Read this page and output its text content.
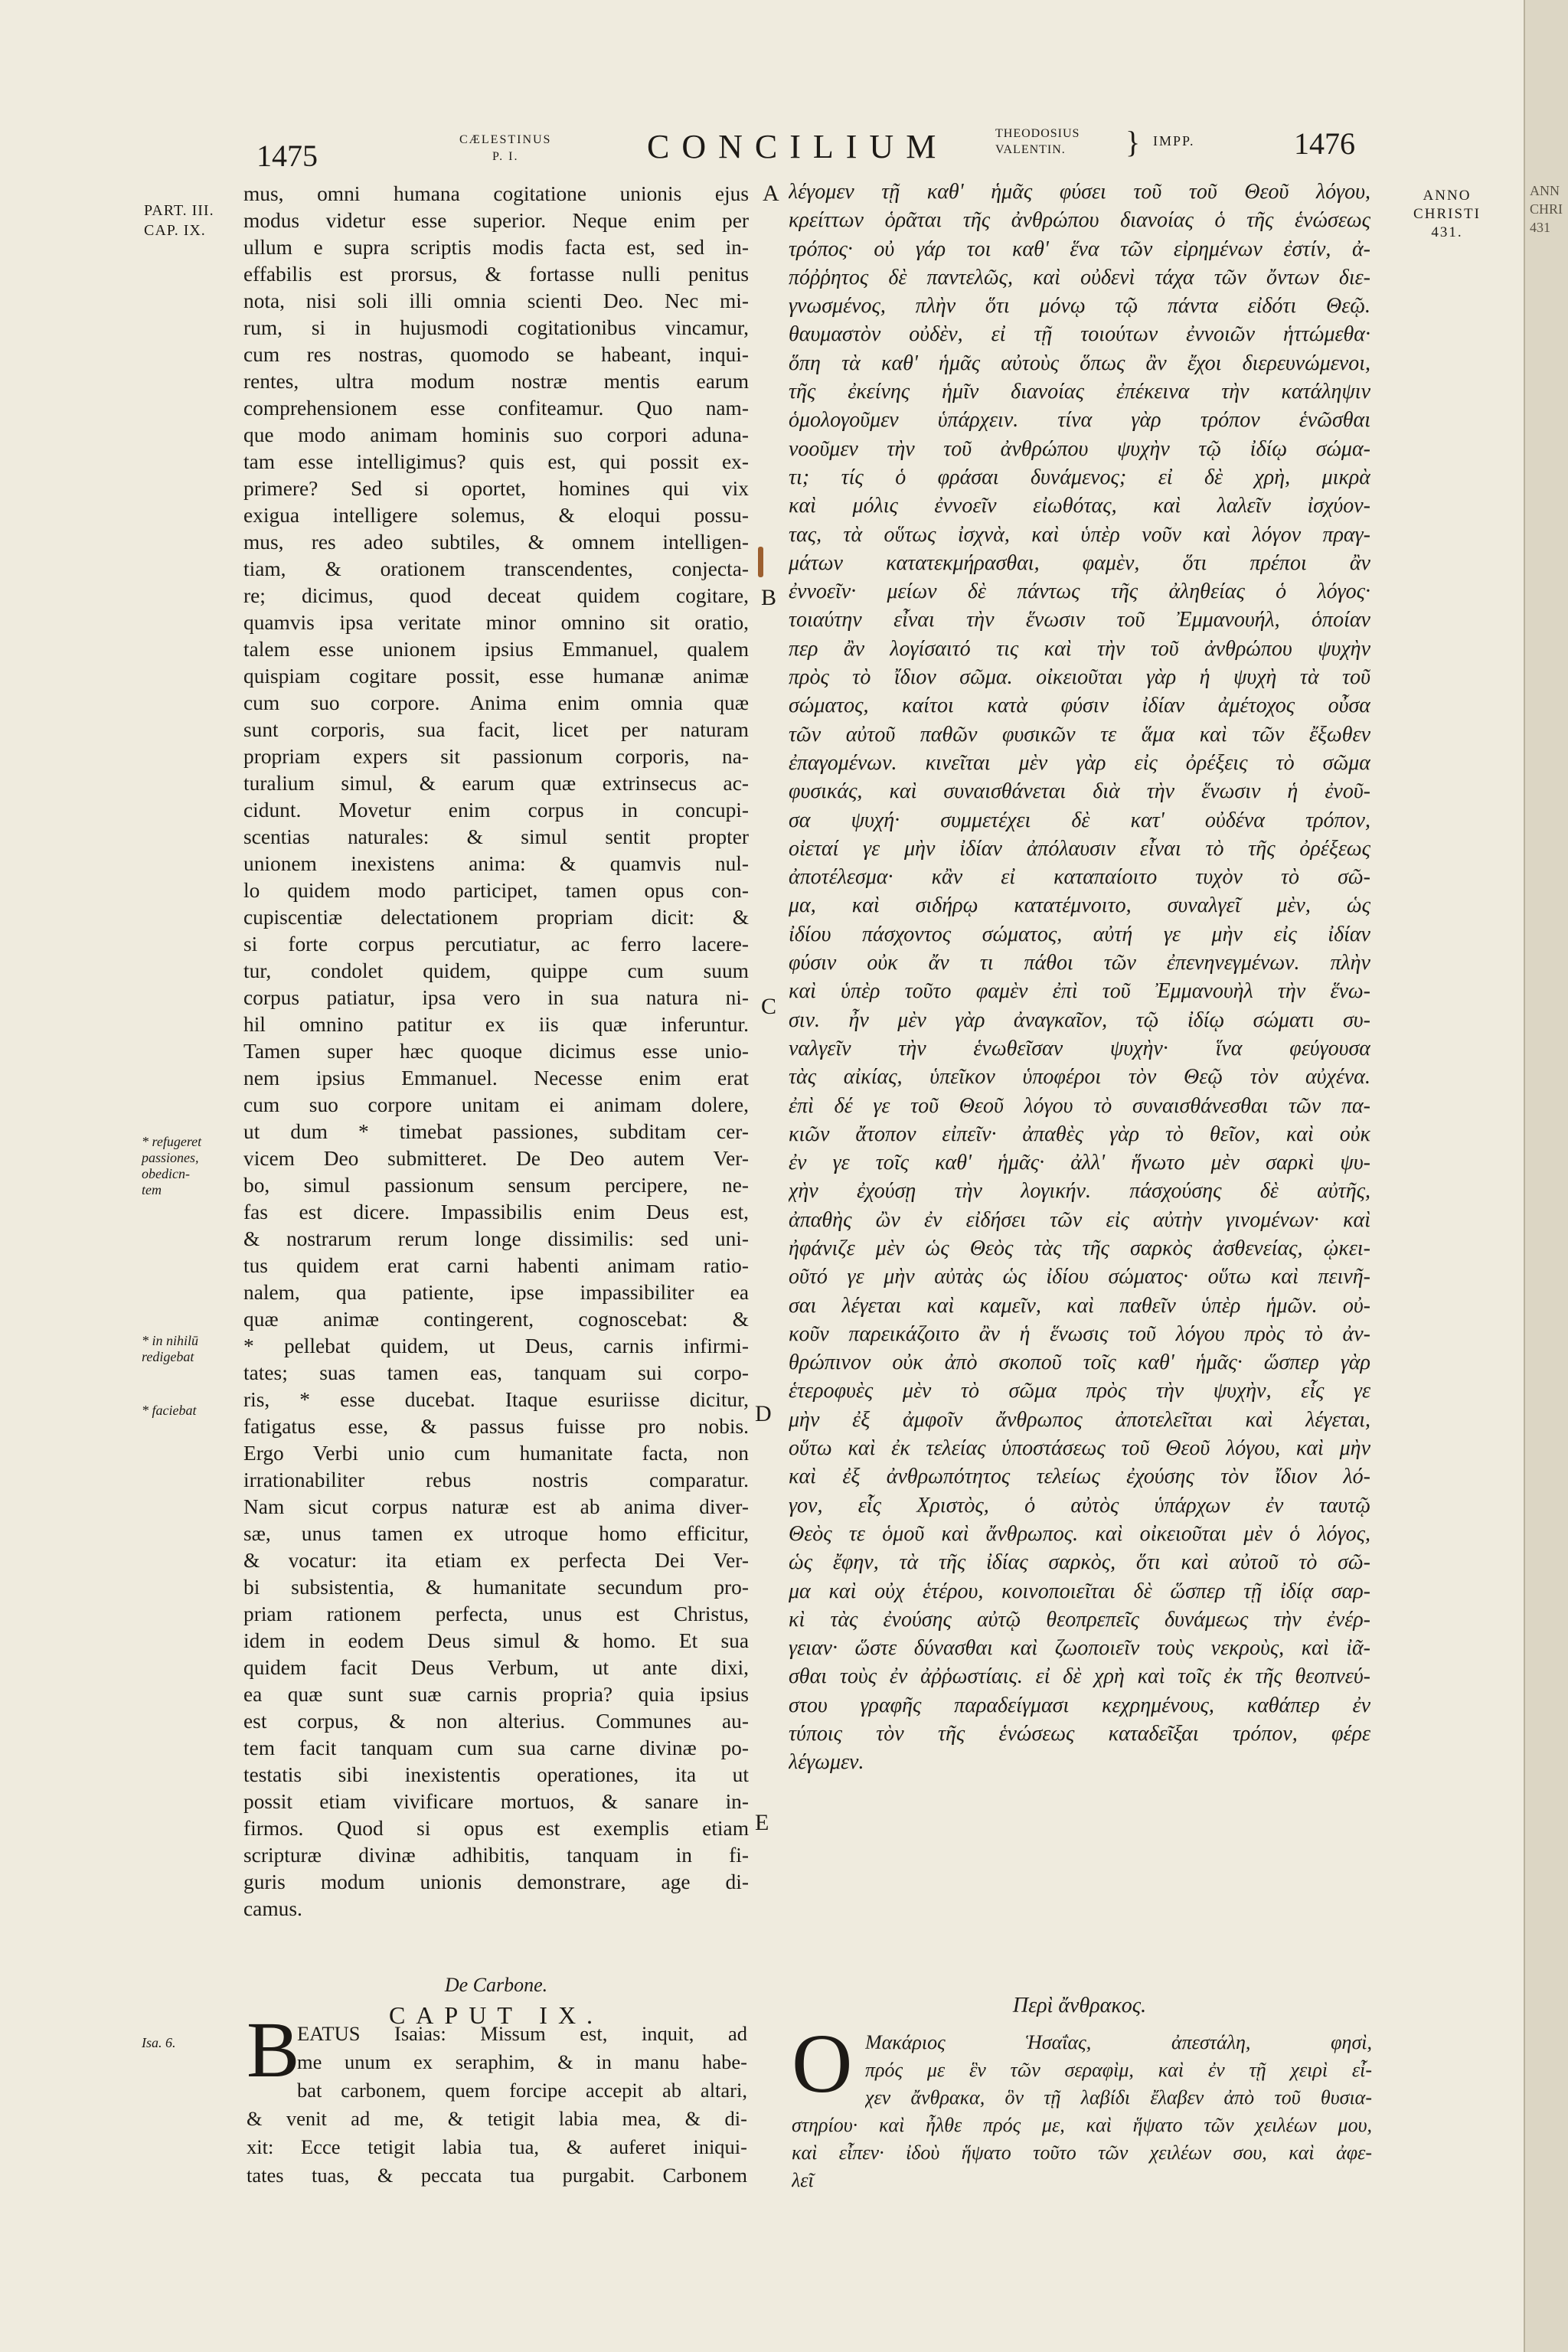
1475	CÆLESTINUS
P. I.	CONCILIUM	THEODOSIUS
VALENTIN.	} IMPP.	1476
PART. III.
CAP. IX.
* refugeret
passiones,
obedicn-
tem
* in nihilū
redigebat
* faciebat
Isa. 6.
ANNO
CHRISTI
431.
A
B
C
D
E
mus, omni humana cogitatione unionis ejus
modus videtur esse superior. Neque enim per
ullum e supra scriptis modis facta est, sed in-
effabilis est prorsus, & fortasse nulli penitus
nota, nisi soli illi omnia scienti Deo. Nec mi-
rum, si in hujusmodi cogitationibus vincamur,
cum res nostras, quomodo se habeant, inqui-
rentes, ultra modum nostræ mentis earum
comprehensionem esse confiteamur. Quo nam-
que modo animam hominis suo corpori aduna-
tam esse intelligimus? quis est, qui possit ex-
primere? Sed si oportet, homines qui vix
exigua intelligere solemus, & eloqui possu-
mus, res adeo subtiles, & omnem intelligen-
tiam, & orationem transcendentes, conjecta-
re; dicimus, quod deceat quidem cogitare,
quamvis ipsa veritate minor omnino sit oratio,
talem esse unionem ipsius Emmanuel, qualem
quispiam cogitare possit, esse humanæ animæ
cum suo corpore. Anima enim omnia quæ
sunt corporis, sua facit, licet per naturam
propriam expers sit passionum corporis, na-
turalium simul, & earum quæ extrinsecus ac-
cidunt. Movetur enim corpus in concupi-
scentias naturales: & simul sentit propter
unionem inexistens anima: & quamvis nul-
lo quidem modo participet, tamen opus con-
cupiscentiæ delectationem propriam dicit: &
si forte corpus percutiatur, ac ferro lacere-
tur, condolet quidem, quippe cum suum
corpus patiatur, ipsa vero in sua natura ni-
hil omnino patitur ex iis quæ inferuntur.
Tamen super hæc quoque dicimus esse unio-
nem ipsius Emmanuel. Necesse enim erat
cum suo corpore unitam ei animam dolere,
ut dum * timebat passiones, subditam cer-
vicem Deo submitteret. De Deo autem Ver-
bo, simul passionum sensum percipere, ne-
fas est dicere. Impassibilis enim Deus est,
& nostrarum rerum longe dissimilis: sed uni-
tus quidem erat carni habenti animam ratio-
nalem, qua patiente, ipse impassibiliter ea
quæ animæ contingerent, cognoscebat: &
* pellebat quidem, ut Deus, carnis infirmi-
tates; suas tamen eas, tanquam sui corpo-
ris, * esse ducebat. Itaque esuriisse dicitur,
fatigatus esse, & passus fuisse pro nobis.
Ergo Verbi unio cum humanitate facta, non
irrationabiliter rebus nostris comparatur.
Nam sicut corpus naturæ est ab anima diver-
sæ, unus tamen ex utroque homo efficitur,
& vocatur: ita etiam ex perfecta Dei Ver-
bi subsistentia, & humanitate secundum pro-
priam rationem perfecta, unus est Christus,
idem in eodem Deus simul & homo. Et sua
quidem facit Deus Verbum, ut ante dixi,
ea quæ sunt suæ carnis propria? quia ipsius
est corpus, & non alterius. Communes au-
tem facit tanquam cum sua carne divinæ po-
testatis sibi inexistentis operationes, ita ut
possit etiam vivificare mortuos, & sanare in-
firmos. Quod si opus est exemplis etiam
scripturæ divinæ adhibitis, tanquam in fi-
guris modum unionis demonstrare, age di-
camus.
De Carbone.
CAPUT IX.
B
EATUS Isaias: Missum est, inquit, ad
me unum ex seraphim, & in manu habe-
bat carbonem, quem forcipe accepit ab altari,
& venit ad me, & tetigit labia mea, & di-
xit: Ecce tetigit labia tua, & auferet iniqui-
tates tuas, & peccata tua purgabit. Carbonem
λέγομεν τῇ καθ' ἡμᾶς φύσει τοῦ τοῦ Θεοῦ λόγου,
κρείττων ὁρᾶται τῆς ἀνθρώπου διανοίας ὁ τῆς ἑνώσεως
τρόπος· οὐ γάρ τοι καθ' ἕνα τῶν εἰρημένων ἐστίν, ἀ-
πόῤῥητος δὲ παντελῶς, καὶ οὐδενὶ τάχα τῶν ὄντων διε-
γνωσμένος, πλὴν ὅτι μόνῳ τῷ πάντα εἰδότι Θεῷ.
θαυμαστὸν οὐδὲν, εἰ τῇ τοιούτων ἐννοιῶν ἡττώμεθα·
ὅπη τὰ καθ' ἡμᾶς αὐτοὺς ὅπως ἂν ἔχοι διερευνώμενοι,
τῆς ἐκείνης ἡμῖν διανοίας ἐπέκεινα τὴν κατάληψιν
ὁμολογοῦμεν ὑπάρχειν. τίνα γὰρ τρόπον ἑνῶσθαι
νοοῦμεν τὴν τοῦ ἀνθρώπου ψυχὴν τῷ ἰδίῳ σώμα-
τι; τίς ὁ φράσαι δυνάμενος; εἰ δὲ χρὴ, μικρὰ
καὶ μόλις ἐννοεῖν εἰωθότας, καὶ λαλεῖν ἰσχύον-
τας, τὰ οὕτως ἰσχνὰ, καὶ ὑπὲρ νοῦν καὶ λόγον πραγ-
μάτων κατατεκμήρασθαι, φαμὲν, ὅτι πρέποι ἂν
ἐννοεῖν· μείων δὲ πάντως τῆς ἀληθείας ὁ λόγος·
τοιαύτην εἶναι τὴν ἕνωσιν τοῦ Ἐμμανουήλ, ὁποίαν
περ ἂν λογίσαιτό τις καὶ τὴν τοῦ ἀνθρώπου ψυχὴν
πρὸς τὸ ἴδιον σῶμα. οἰκειοῦται γὰρ ἡ ψυχὴ τὰ τοῦ
σώματος, καίτοι κατὰ φύσιν ἰδίαν ἀμέτοχος οὖσα
τῶν αὐτοῦ παθῶν φυσικῶν τε ἅμα καὶ τῶν ἔξωθεν
ἐπαγομένων. κινεῖται μὲν γὰρ εἰς ὀρέξεις τὸ σῶμα
φυσικάς, καὶ συναισθάνεται διὰ τὴν ἕνωσιν ἡ ἐνοῦ-
σα ψυχή· συμμετέχει δὲ κατ' οὐδένα τρόπον,
οἰεταί γε μὴν ἰδίαν ἀπόλαυσιν εἶναι τὸ τῆς ὀρέξεως
ἀποτέλεσμα· κἂν εἰ καταπαίοιτο τυχὸν τὸ σῶ-
μα, καὶ σιδήρῳ κατατέμνοιτο, συναλγεῖ μὲν, ὡς
ἰδίου πάσχοντος σώματος, αὐτή γε μὴν εἰς ἰδίαν
φύσιν οὐκ ἄν τι πάθοι τῶν ἐπενηνεγμένων. πλὴν
καὶ ὑπὲρ τοῦτο φαμὲν ἐπὶ τοῦ Ἐμμανουὴλ τὴν ἕνω-
σιν. ἦν μὲν γὰρ ἀναγκαῖον, τῷ ἰδίῳ σώματι συ-
ναλγεῖν τὴν ἑνωθεῖσαν ψυχὴν· ἵνα φεύγουσα
τὰς αἰκίας, ὑπεῖκον ὑποφέροι τὸν Θεῷ τὸν αὐχένα.
ἐπὶ δέ γε τοῦ Θεοῦ λόγου τὸ συναισθάνεσθαι τῶν πα-
κιῶν ἄτοπον εἰπεῖν· ἀπαθὲς γὰρ τὸ θεῖον, καὶ οὐκ
ἐν γε τοῖς καθ' ἡμᾶς· ἀλλ' ἥνωτο μὲν σαρκὶ ψυ-
χὴν ἐχούσῃ τὴν λογικήν. πάσχούσης δὲ αὐτῆς,
ἀπαθὴς ὢν ἐν εἰδήσει τῶν εἰς αὐτὴν γινομένων· καὶ
ἠφάνιζε μὲν ὡς Θεὸς τὰς τῆς σαρκὸς ἀσθενείας, ᾠκει-
οῦτό γε μὴν αὐτὰς ὡς ἰδίου σώματος· οὕτω καὶ πεινῆ-
σαι λέγεται καὶ καμεῖν, καὶ παθεῖν ὑπὲρ ἡμῶν. οὐ-
κοῦν παρεικάζοιτο ἂν ἡ ἕνωσις τοῦ λόγου πρὸς τὸ ἀν-
θρώπινον οὐκ ἀπὸ σκοποῦ τοῖς καθ' ἡμᾶς· ὥσπερ γὰρ
ἑτεροφυὲς μὲν τὸ σῶμα πρὸς τὴν ψυχὴν, εἷς γε
μὴν ἐξ ἀμφοῖν ἄνθρωπος ἀποτελεῖται καὶ λέγεται,
οὕτω καὶ ἐκ τελείας ὑποστάσεως τοῦ Θεοῦ λόγου, καὶ μὴν
καὶ ἐξ ἀνθρωπότητος τελείως ἐχούσης τὸν ἴδιον λό-
γον, εἷς Χριστὸς, ὁ αὐτὸς ὑπάρχων ἐν ταυτῷ
Θεὸς τε ὁμοῦ καὶ ἄνθρωπος. καὶ οἰκειοῦται μὲν ὁ λόγος,
ὡς ἔφην, τὰ τῆς ἰδίας σαρκὸς, ὅτι καὶ αὐτοῦ τὸ σῶ-
μα καὶ οὐχ ἑτέρου, κοινοποιεῖται δὲ ὥσπερ τῇ ἰδίᾳ σαρ-
κὶ τὰς ἐνούσης αὐτῷ θεοπρεπεῖς δυνάμεως τὴν ἐνέρ-
γειαν· ὥστε δύνασθαι καὶ ζωοποιεῖν τοὺς νεκροὺς, καὶ ἰᾶ-
σθαι τοὺς ἐν ἀῤῥωστίαις. εἰ δὲ χρὴ καὶ τοῖς ἐκ τῆς θεοπνεύ-
στου γραφῆς παραδείγμασι κεχρημένους, καθάπερ ἐν
τύποις τὸν τῆς ἑνώσεως καταδεῖξαι τρόπον, φέρε
λέγωμεν.
Περὶ ἄνθρακος.
O Μακάριος Ἡσαΐας, ἀπεστάλη, φησὶ,
πρός με ἓν τῶν σεραφὶμ, καὶ ἐν τῇ χειρὶ εἶ-
χεν ἄνθρακα, ὃν τῇ λαβίδι ἔλαβεν ἀπὸ τοῦ θυσια-
στηρίου· καὶ ἦλθε πρός με, καὶ ἥψατο τῶν χειλέων μου,
καὶ εἶπεν· ἰδοὺ ἥψατο τοῦτο τῶν χειλέων σου, καὶ ἀφε-
λεῖ
ANN
CHRI
431
